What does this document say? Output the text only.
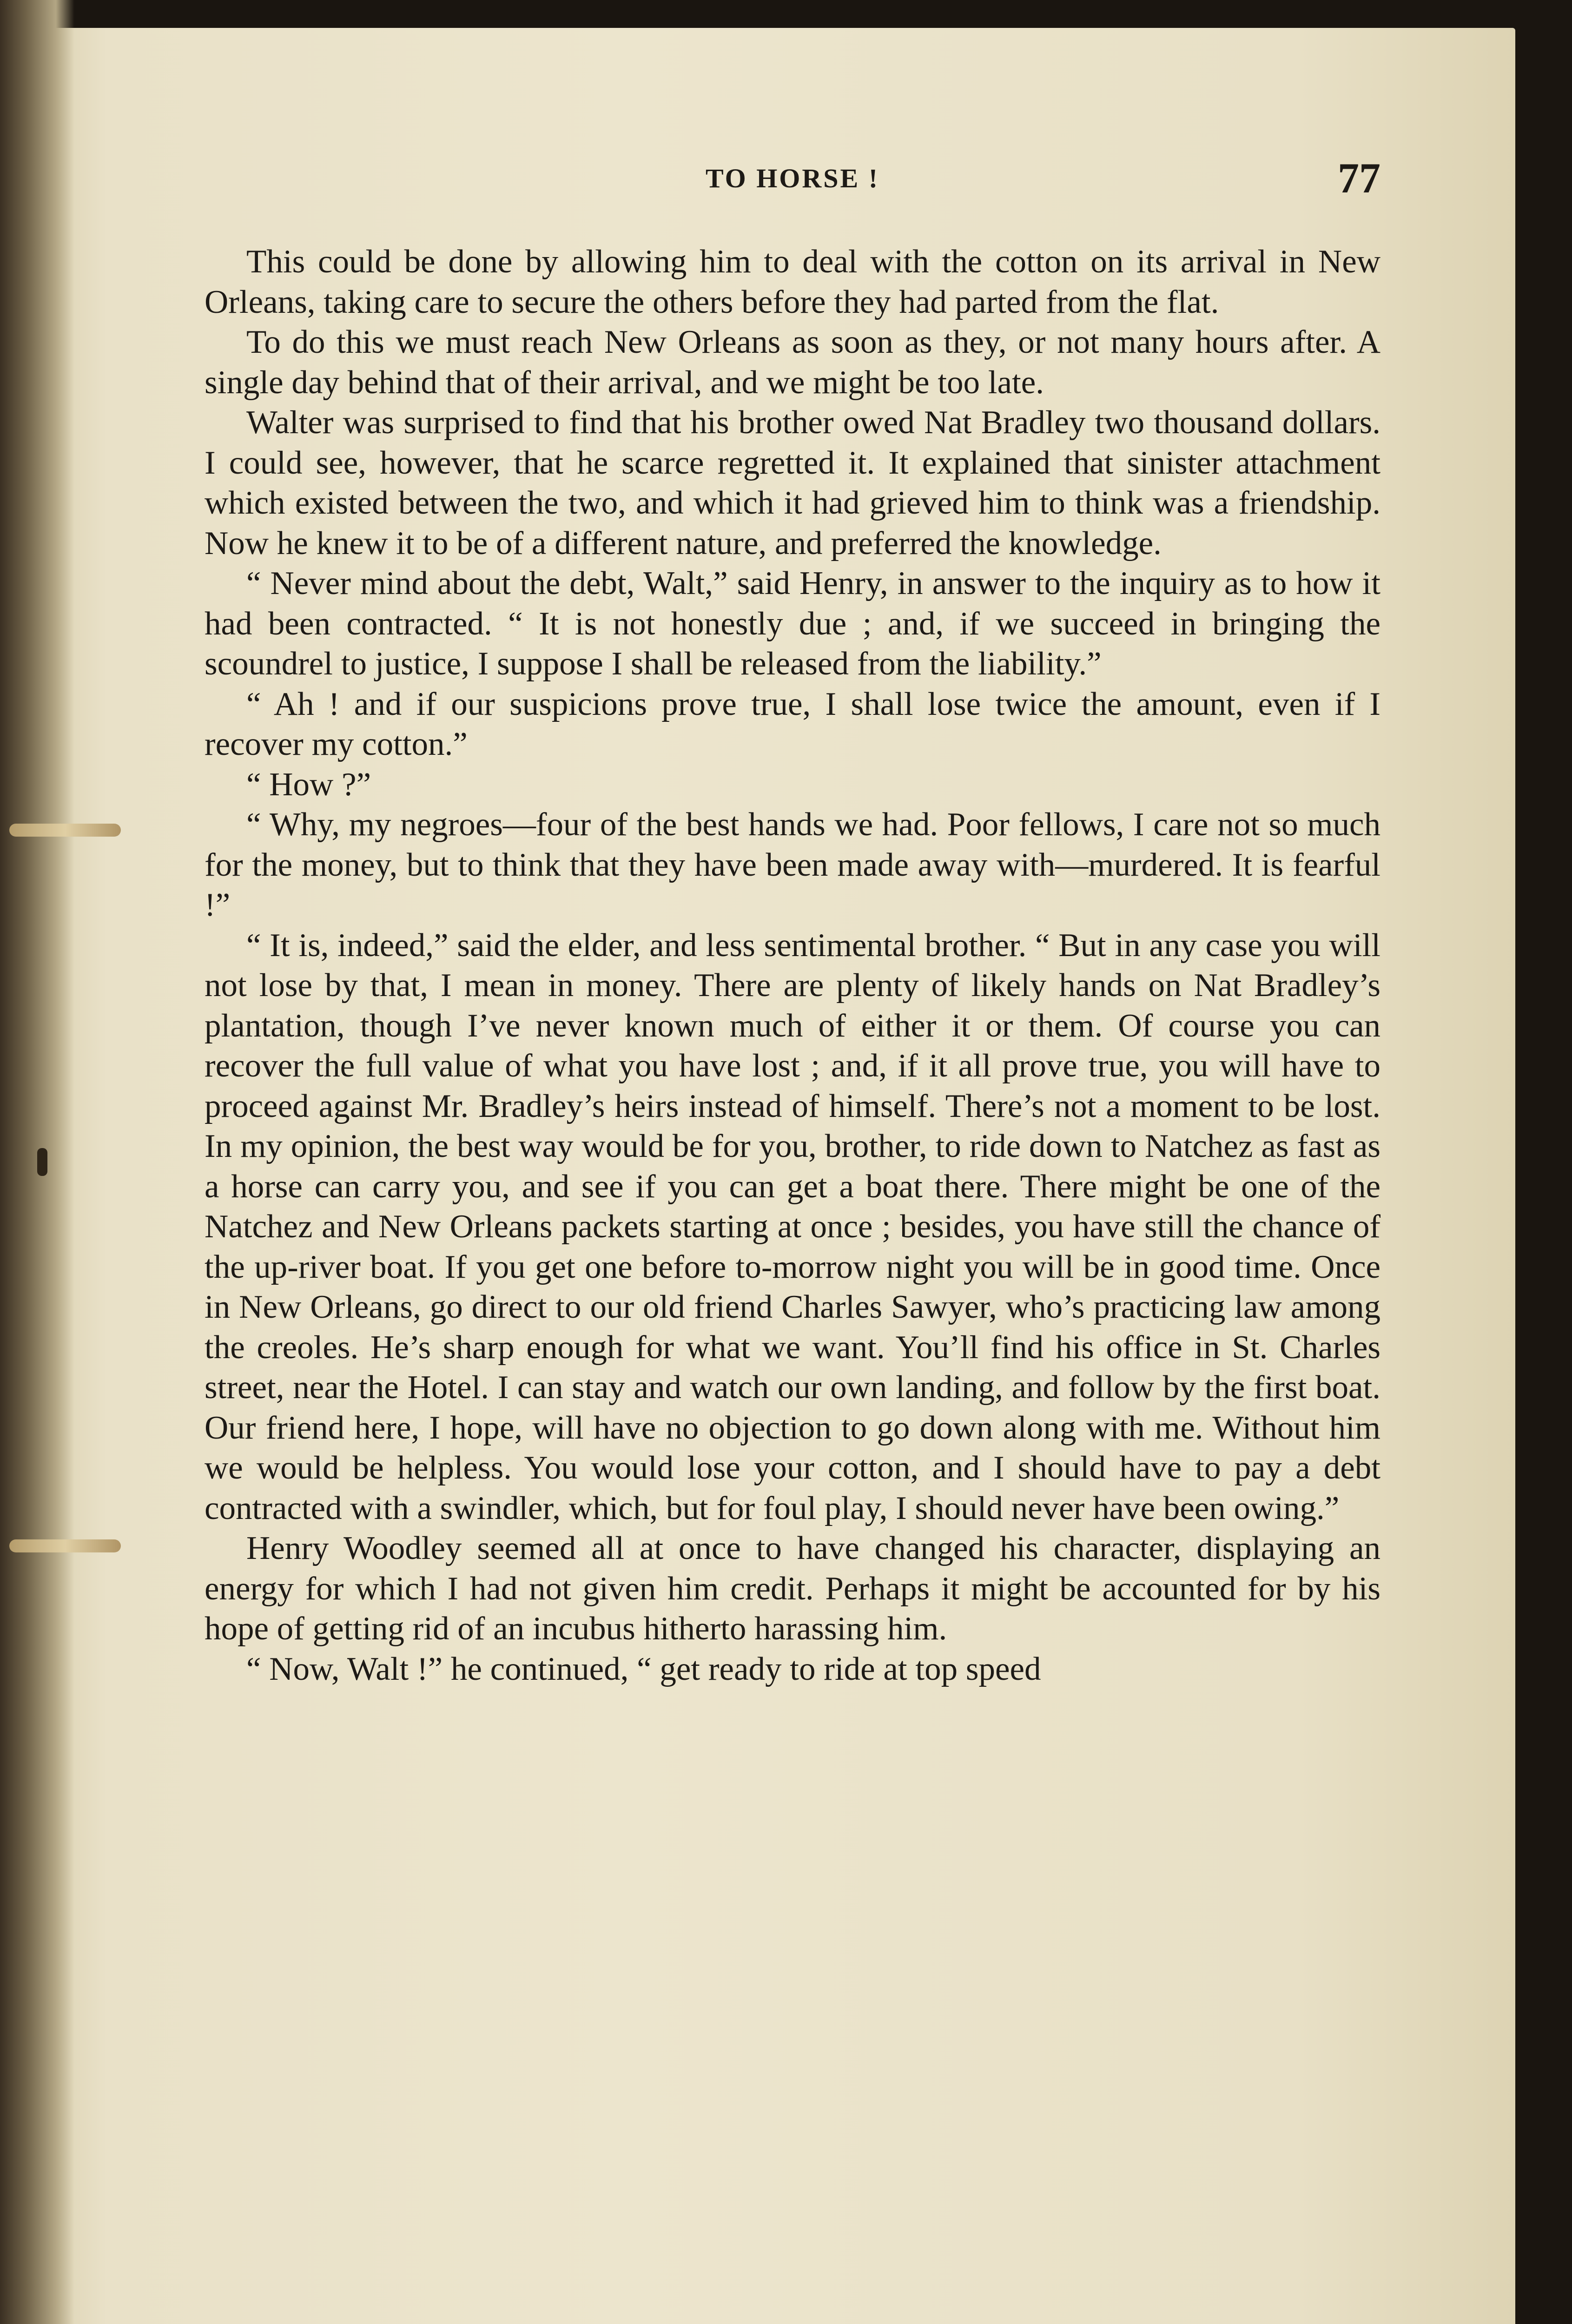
TO HORSE !	77

This could be done by allowing him to deal with the cotton on its arrival in New Orleans, taking care to secure the others before they had parted from the flat.

To do this we must reach New Orleans as soon as they, or not many hours after. A single day behind that of their arrival, and we might be too late.

Walter was surprised to find that his brother owed Nat Bradley two thousand dollars. I could see, however, that he scarce regretted it. It explained that sinister attachment which existed between the two, and which it had grieved him to think was a friendship. Now he knew it to be of a different nature, and preferred the knowledge.

“ Never mind about the debt, Walt,” said Henry, in answer to the inquiry as to how it had been contracted. “ It is not honestly due ; and, if we succeed in bringing the scoundrel to justice, I suppose I shall be released from the liability.”

“ Ah ! and if our suspicions prove true, I shall lose twice the amount, even if I recover my cotton.”

“ How ?”

“ Why, my negroes—four of the best hands we had. Poor fellows, I care not so much for the money, but to think that they have been made away with—murdered. It is fearful !”

“ It is, indeed,” said the elder, and less sentimental brother. “ But in any case you will not lose by that, I mean in money. There are plenty of likely hands on Nat Bradley’s plantation, though I’ve never known much of either it or them. Of course you can recover the full value of what you have lost ; and, if it all prove true, you will have to proceed against Mr. Bradley’s heirs instead of himself. There’s not a moment to be lost. In my opinion, the best way would be for you, brother, to ride down to Natchez as fast as a horse can carry you, and see if you can get a boat there. There might be one of the Natchez and New Orleans packets starting at once ; besides, you have still the chance of the up-river boat. If you get one before to-morrow night you will be in good time. Once in New Orleans, go direct to our old friend Charles Sawyer, who’s practicing law among the creoles. He’s sharp enough for what we want. You’ll find his office in St. Charles street, near the Hotel. I can stay and watch our own landing, and follow by the first boat. Our friend here, I hope, will have no objection to go down along with me. Without him we would be helpless. You would lose your cotton, and I should have to pay a debt contracted with a swindler, which, but for foul play, I should never have been owing.”

Henry Woodley seemed all at once to have changed his character, displaying an energy for which I had not given him credit. Perhaps it might be accounted for by his hope of getting rid of an incubus hitherto harassing him.

“ Now, Walt !” he continued, “ get ready to ride at top speed
